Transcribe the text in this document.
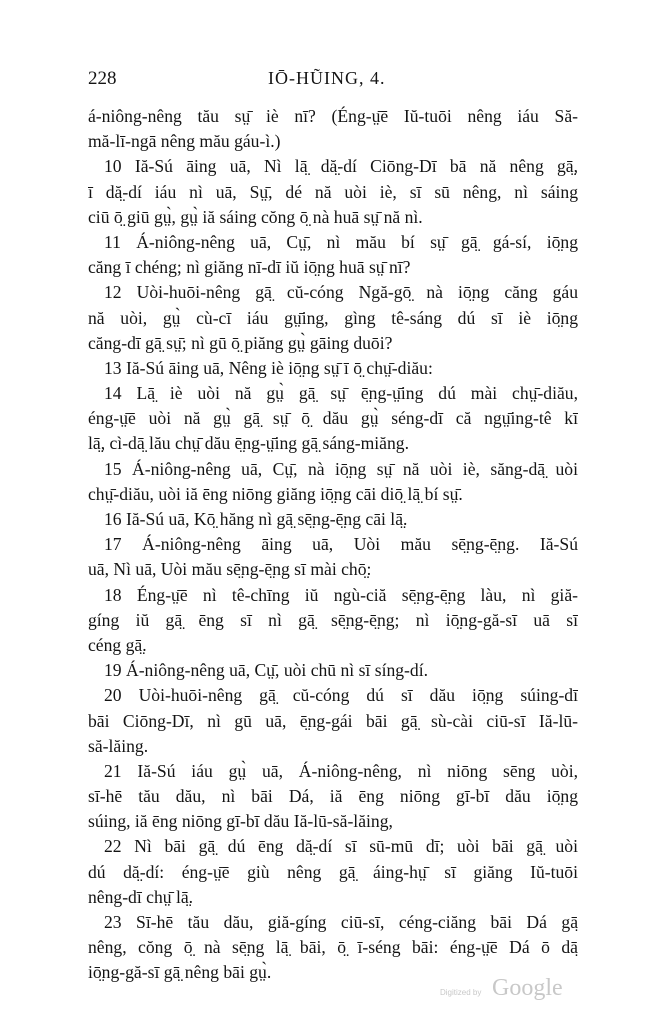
228	IŌ-HŨING, 4.
á-niông-nêng tău sṳ̄ iè nī? (Éng-ṳ̄ē Iŭ-tuōi nêng iáu Să-
mă-lī-ngā nêng mău gáu-ì.)
10 Iă-Sú āing uā, Nì lā̤ dă̤-dí Ciōng-Dī bā nă nêng gā̤,
ī dă̤-dí iáu nì uā, Sṳ̄, dé nă uòi iè, sī sū nêng, nì sáing
ciū ō̤ giū gṳ̀, gṳ̀ iă sáing cŏng ō̤ nà huā sṳ̄ nă nì.
11 Á-niông-nêng uā, Cṳ̄, nì mău bí sṳ̄ gā̤ gá-sí, iō̤ng
căng ī chéng; nì giăng nī-dī iŭ iō̤ng huā sṳ̄ nī?
12 Uòi-huōi-nêng gā̤ cŭ-cóng Ngă-gō̤ nà iō̤ng căng gáu
nă uòi, gṳ̀ cù-cī iáu gṳ̄ing, gìng tê-sáng dú sī iè iō̤ng
căng-dī gā̤ sṳ̄; nì gū ō̤ piăng gṳ̀ gāing duōi?
13 Iă-Sú āing uā, Nêng iè iō̤ng sṳ̄ ī ō̤ chṳ̄-diău:
14 Lā̤ iè uòi nă gṳ̀ gā̤ sṳ̄ ē̤ng-ṳ̄ing dú mài chṳ̄-diău,
éng-ṳ̄ē uòi nă gṳ̀ gā̤ sṳ̄ ō̤ dău gṳ̀ séng-dī că ngṳ̄ing-tê kī
lā̤, cì-dā̤ lău chṳ̄ dău ē̤ng-ṳ̄ing gā̤ sáng-miăng.
15 Á-niông-nêng uā, Cṳ̄, nà iō̤ng sṳ̄ nă uòi iè, săng-dā̤ uòi
chṳ̄-diău, uòi iă ēng niōng giăng iō̤ng cāi diō̤ lā̤ bí sṳ̄.
16 Iă-Sú uā, Kō̤ hăng nì gā̤ sē̤ng-ē̤ng cāi lā̤.
17 Á-niông-nêng āing uā, Uòi mău sē̤ng-ē̤ng. Iă-Sú
uā, Nì uā, Uòi mău sē̤ng-ē̤ng sī mài chō̤:
18 Éng-ṳ̄ē nì tê-chīng iŭ ngù-ciă sē̤ng-ē̤ng làu, nì giă-
gíng iŭ gā̤ ēng sī nì gā̤ sē̤ng-ē̤ng; nì iō̤ng-gă-sī uā sī
céng gā̤.
19 Á-niông-nêng uā, Cṳ̄, uòi chū nì sī síng-dí.
20 Uòi-huōi-nêng gā̤ cŭ-cóng dú sī dău iō̤ng súing-dī
bāi Ciōng-Dī, nì gū uā, ē̤ng-gái bāi gā̤ sù-cài ciū-sī Iă-lū-
să-lăing.
21 Iă-Sú iáu gṳ̀ uā, Á-niông-nêng, nì niōng sēng uòi,
sī-hē tău dău, nì bāi Dá, iă ēng niōng gī-bī dău iō̤ng
súing, iă ēng niōng gī-bī dău Iă-lū-să-lăing,
22 Nì bāi gā̤ dú ēng dă̤-dí sī sū-mū dī; uòi bāi gā̤ uòi
dú dă̤-dí: éng-ṳ̄ē giù nêng gā̤ áing-hṳ̄ sī giăng Iŭ-tuōi
nêng-dī chṳ̄ lā̤.
23 Sī-hē tău dău, giă-gíng ciū-sī, céng-ciăng bāi Dá gā̤
nêng, cŏng ō̤ nà sē̤ng lā̤ bāi, ō̤ ī-séng bāi: éng-ṳ̄ē Dá ō dā̤
iō̤ng-gă-sī gā̤ nêng bāi gṳ̀.
Digitized by Google
